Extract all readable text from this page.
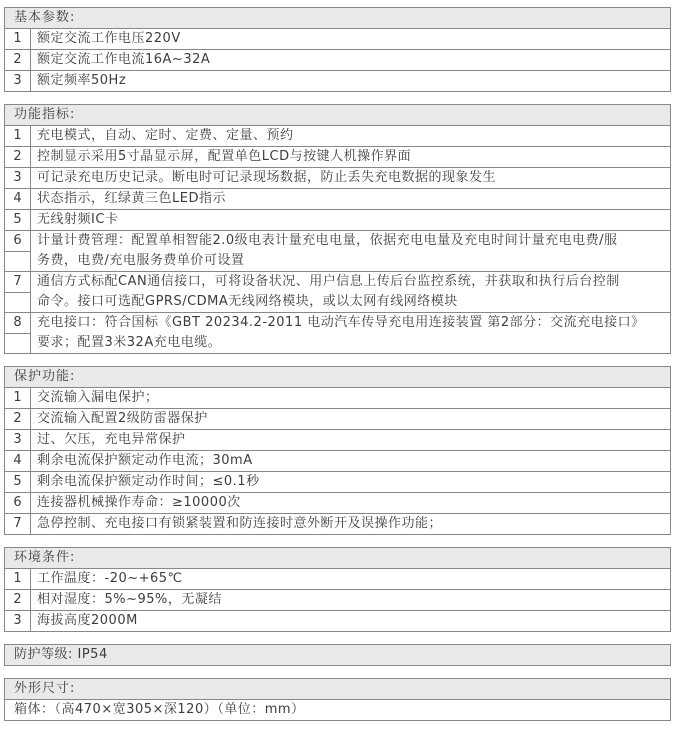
基本参数:
1	额定交流工作电压220V
2	额定交流工作电流16A~32A
3	额定频率50Hz
功能指标:
1	充电模式，自动、定时、定费、定量、预约
2	控制显示采用5寸晶显示屏，配置单色LCD与按键人机操作界面
3	可记录充电历史记录。断电时可记录现场数据，防止丢失充电数据的现象发生
4	状态指示，红绿黄三色LED指示
5	无线射频IC卡
6	计量计费管理：配置单相智能2.0级电表计量充电电量，依据充电电量及充电时间计量充电电费/服
务费，电费/充电服务费单价可设置
7	通信方式标配CAN通信接口，可将设备状况、用户信息上传后台监控系统，并获取和执行后台控制
命令。接口可选配GPRS/CDMA无线网络模块，或以太网有线网络模块
8	充电接口：符合国标《GBT 20234.2-2011 电动汽车传导充电用连接装置 第2部分：交流充电接口》
要求；配置3米32A充电电缆。
保护功能:
1	交流输入漏电保护；
2	交流输入配置2级防雷器保护
3	过、欠压，充电异常保护
4	剩余电流保护额定动作电流；30mA
5	剩余电流保护额定动作时间；≤0.1秒
6	连接器机械操作寿命：≥10000次
7	急停控制、充电接口有锁紧装置和防连接时意外断开及误操作功能；
环境条件:
1	工作温度：-20~+65℃
2	相对湿度：5%~95%，无凝结
3	海拔高度2000M
防护等级: IP54
外形尺寸:
箱体：（高470×宽305×深120）（单位：mm）
